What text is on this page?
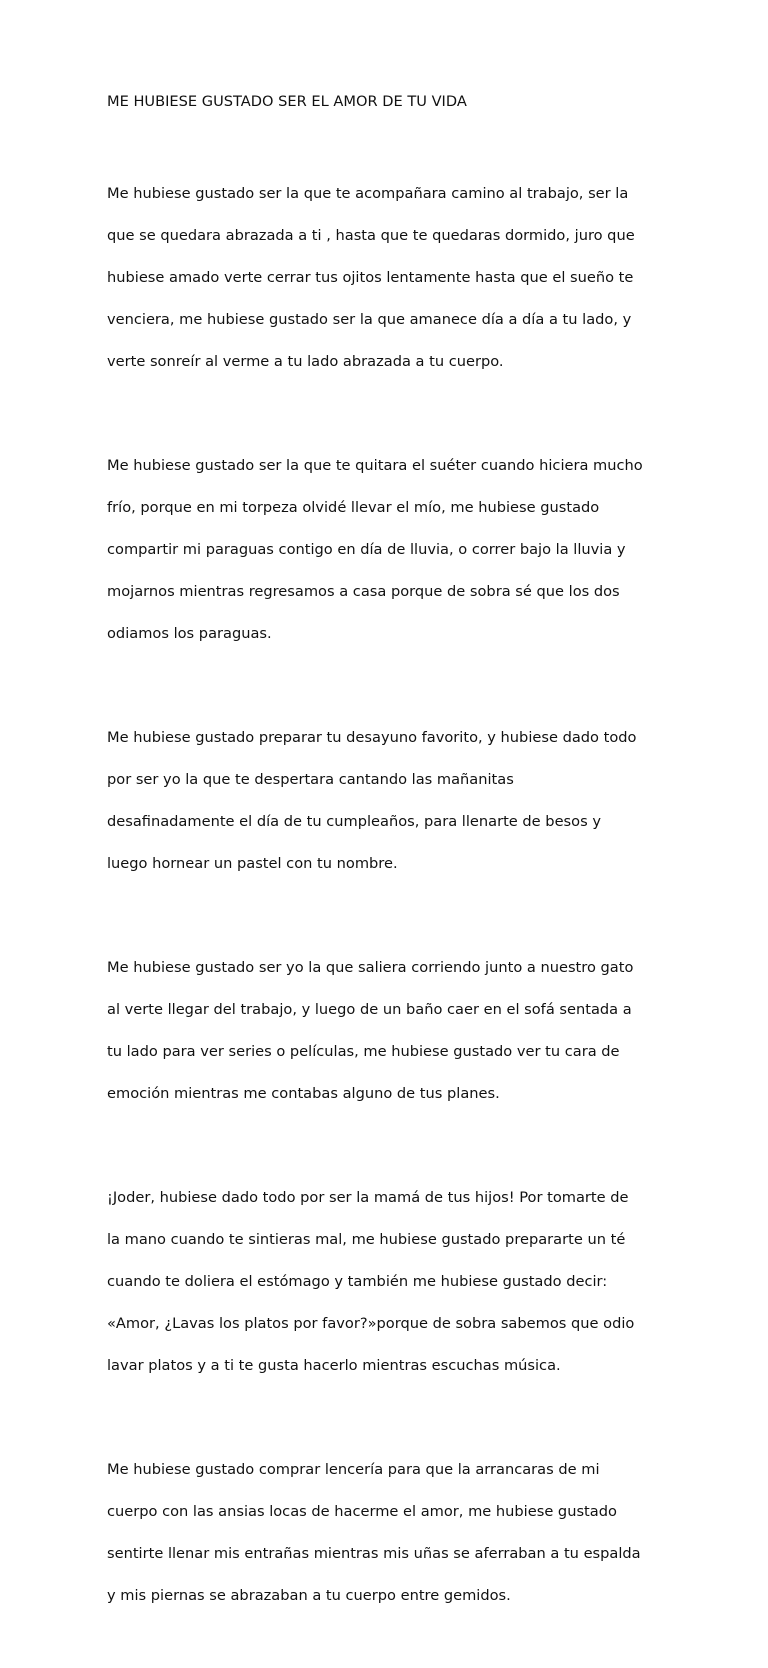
ME HUBIESE GUSTADO SER EL AMOR DE TU VIDA

Me hubiese gustado ser la que te acompañara camino al trabajo, ser la

que se quedara abrazada a ti , hasta que te quedaras dormido, juro que

hubiese amado verte cerrar tus ojitos lentamente hasta que el sueño te

venciera, me hubiese gustado ser la que amanece día a día a tu lado, y

verte sonreír al verme a tu lado abrazada a tu cuerpo.

Me hubiese gustado ser la que te quitara el suéter cuando hiciera mucho

frío, porque en mi torpeza olvidé llevar el mío, me hubiese gustado

compartir mi paraguas contigo en día de lluvia, o correr bajo la lluvia y

mojarnos mientras regresamos a casa porque de sobra sé que los dos

odiamos los paraguas.

Me hubiese gustado preparar tu desayuno favorito, y hubiese dado todo

por ser yo la que te despertara cantando las mañanitas

desafinadamente el día de tu cumpleaños, para llenarte de besos y

luego hornear un pastel con tu nombre.

Me hubiese gustado ser yo la que saliera corriendo junto a nuestro gato

al verte llegar del trabajo, y luego de un baño caer en el sofá sentada a

tu lado para ver series o películas, me hubiese gustado ver tu cara de

emoción mientras me contabas alguno de tus planes.

¡Joder, hubiese dado todo por ser la mamá de tus hijos! Por tomarte de

la mano cuando te sintieras mal, me hubiese gustado prepararte un té

cuando te doliera el estómago y también me hubiese gustado decir:

«Amor, ¿Lavas los platos por favor?»porque de sobra sabemos que odio

lavar platos y a ti te gusta hacerlo mientras escuchas música.

Me hubiese gustado comprar lencería para que la arrancaras de mi

cuerpo con las ansias locas de hacerme el amor, me hubiese gustado

sentirte llenar mis entrañas mientras mis uñas se aferraban a tu espalda

y mis piernas se abrazaban a tu cuerpo entre gemidos.
